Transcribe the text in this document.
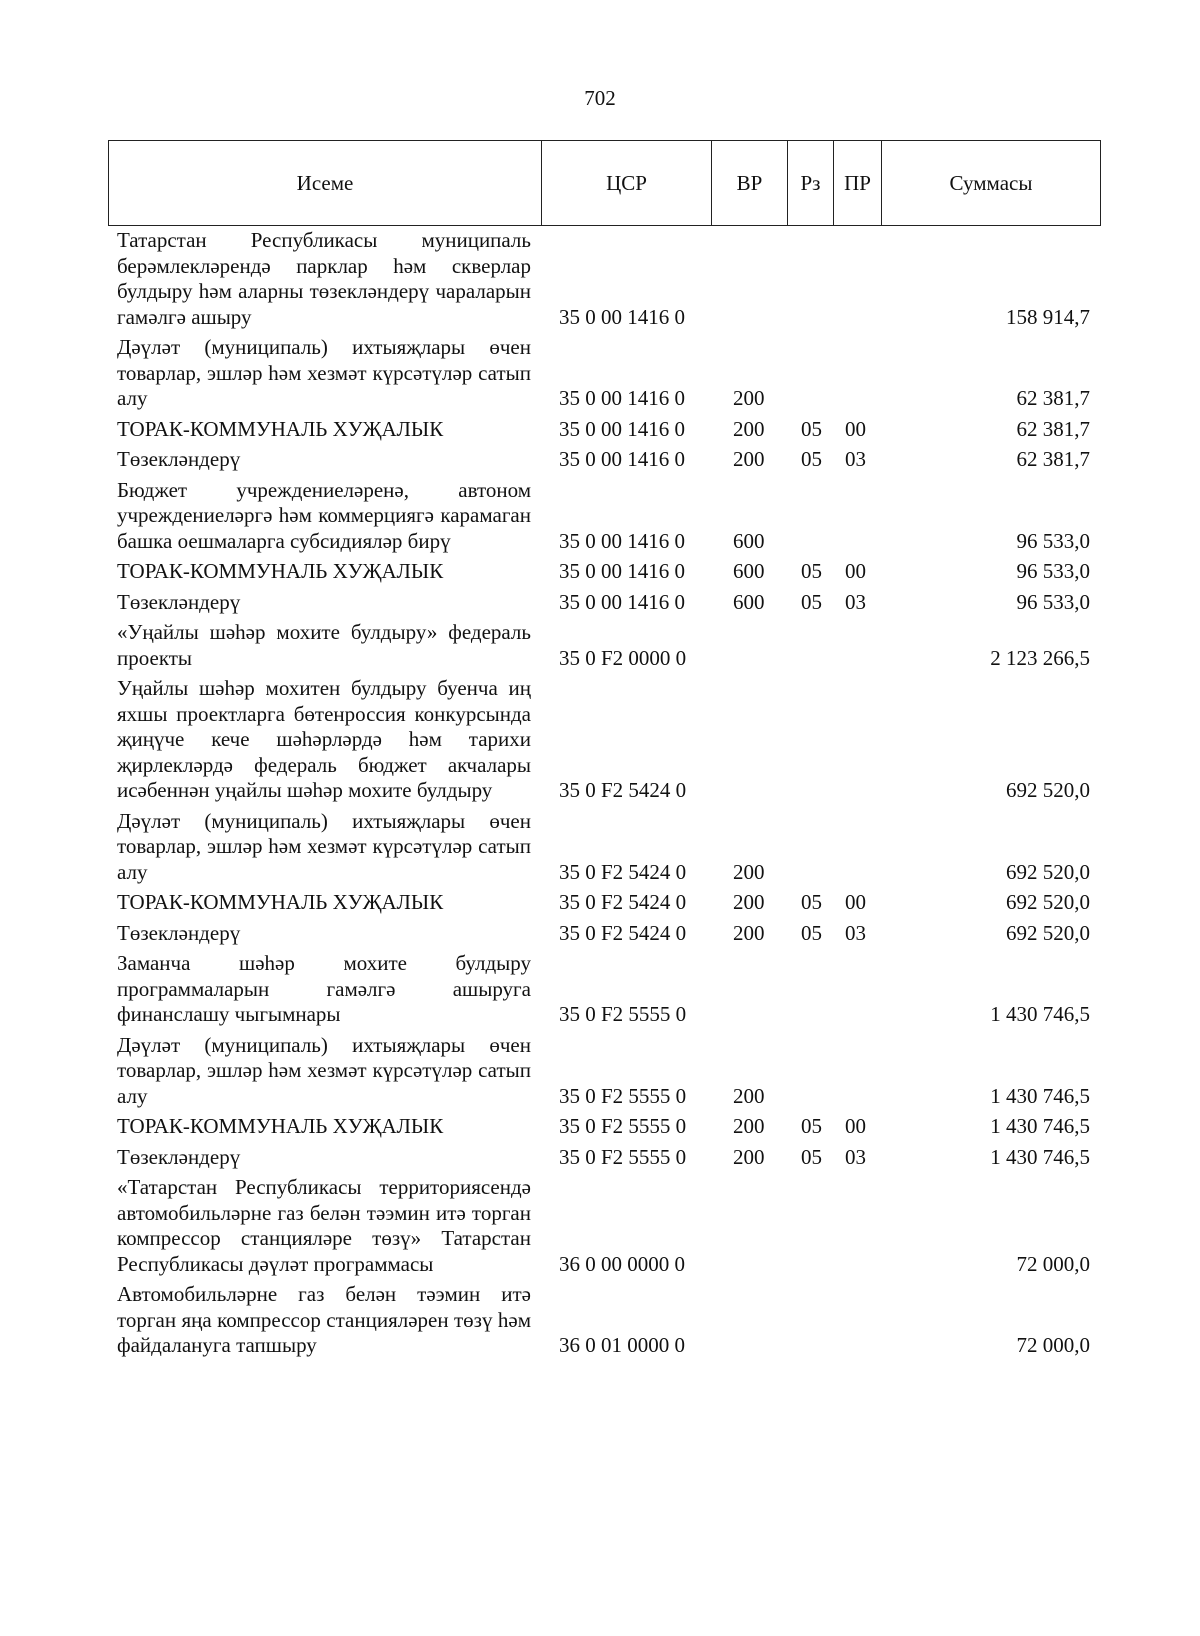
702
Исеме	ЦСР	ВР	Рз	ПР	Суммасы
Татарстан Республикасы муниципаль берәмлекләрендә парклар һәм скверлар булдыру һәм аларны төзекләндерү чараларын гамәлгә ашыру	35 0 00 1416 0				158 914,7
Дәүләт (муниципаль) ихтыяҗлары өчен товарлар, эшләр һәм хезмәт күрсәтүләр сатып алу	35 0 00 1416 0	200			62 381,7
ТОРАК-КОММУНАЛЬ ХУҖАЛЫК	35 0 00 1416 0	200	05	00	62 381,7
Төзекләндерү	35 0 00 1416 0	200	05	03	62 381,7
Бюджет учреждениеләренә, автоном учреждениеләргә һәм коммерциягә карамаган башка оешмаларга субсидияләр бирү	35 0 00 1416 0	600			96 533,0
ТОРАК-КОММУНАЛЬ ХУҖАЛЫК	35 0 00 1416 0	600	05	00	96 533,0
Төзекләндерү	35 0 00 1416 0	600	05	03	96 533,0
«Уңайлы шәһәр мохите булдыру» федераль проекты	35 0 F2 0000 0				2 123 266,5
Уңайлы шәһәр мохитен булдыру буенча иң яхшы проектларга бөтенроссия конкурсында җиңүче кече шәһәрләрдә һәм тарихи җирлекләрдә федераль бюджет акчалары исәбеннән уңайлы шәһәр мохите булдыру	35 0 F2 5424 0				692 520,0
Дәүләт (муниципаль) ихтыяҗлары өчен товарлар, эшләр һәм хезмәт күрсәтүләр сатып алу	35 0 F2 5424 0	200			692 520,0
ТОРАК-КОММУНАЛЬ ХУҖАЛЫК	35 0 F2 5424 0	200	05	00	692 520,0
Төзекләндерү	35 0 F2 5424 0	200	05	03	692 520,0
Заманча шәһәр мохите булдыру программаларын гамәлгә ашыруга финанслашу чыгымнары	35 0 F2 5555 0				1 430 746,5
Дәүләт (муниципаль) ихтыяҗлары өчен товарлар, эшләр һәм хезмәт күрсәтүләр сатып алу	35 0 F2 5555 0	200			1 430 746,5
ТОРАК-КОММУНАЛЬ ХУҖАЛЫК	35 0 F2 5555 0	200	05	00	1 430 746,5
Төзекләндерү	35 0 F2 5555 0	200	05	03	1 430 746,5
«Татарстан Республикасы территориясендә автомобильләрне газ белән тәэмин итә торган компрессор станцияләре төзү» Татарстан Республикасы дәүләт программасы	36 0 00 0000 0				72 000,0
Автомобильләрне газ белән тәэмин итә торган яңа компрессор станцияләрен төзү һәм файдалануга тапшыру	36 0 01 0000 0				72 000,0
